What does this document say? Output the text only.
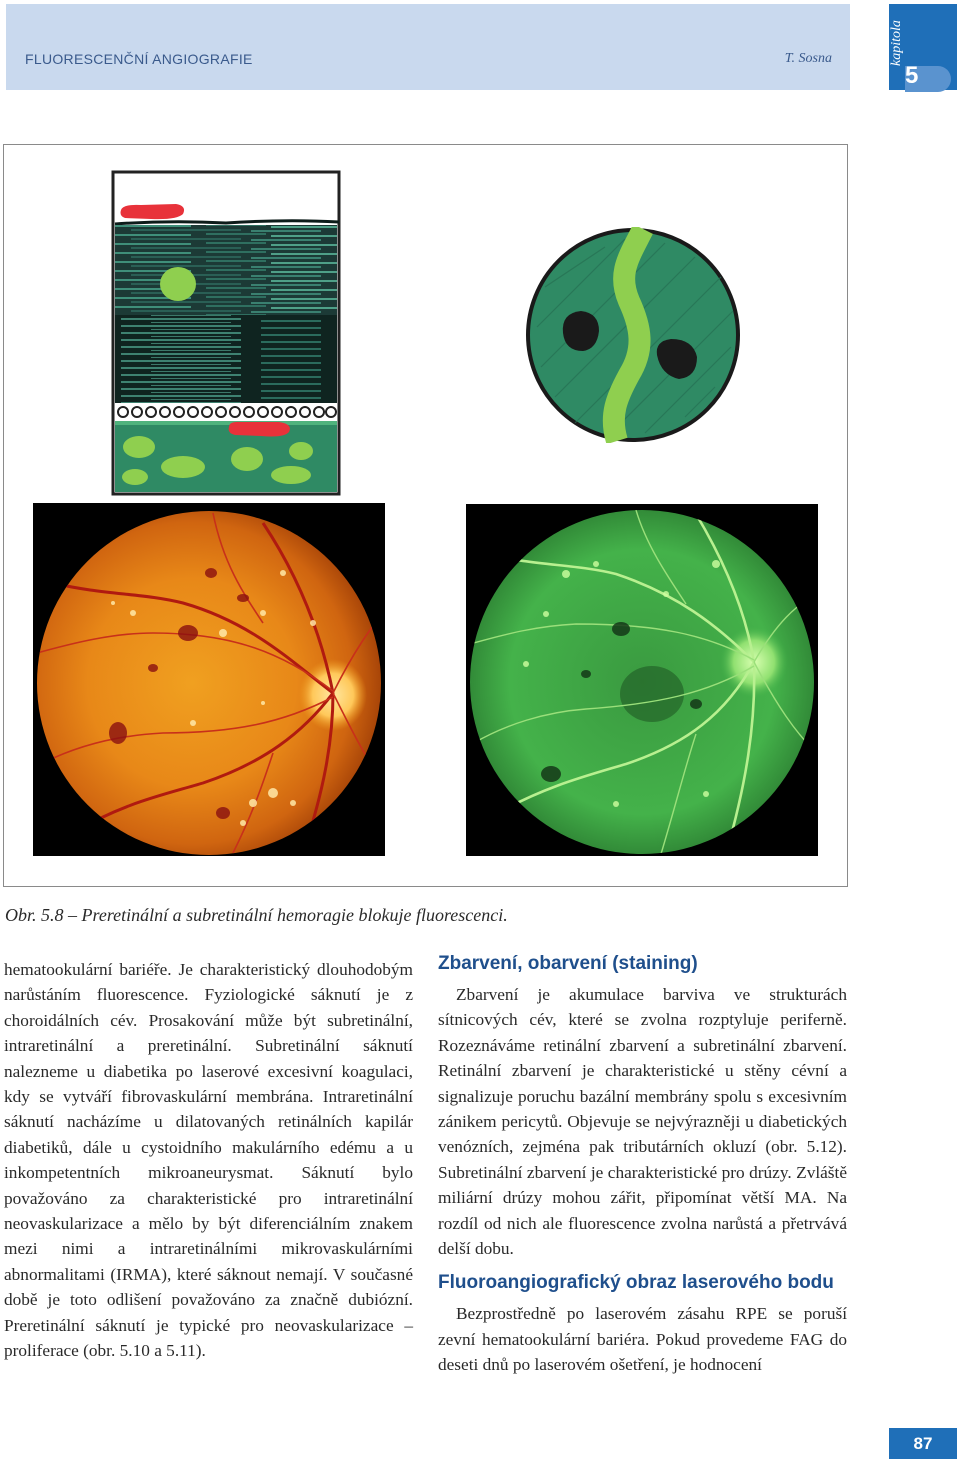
FLUORESCENČNÍ ANGIOGRAFIE	T. Sosna	kapitola
5
Obr. 5.8 – Preretinální a subretinální hemoragie blokuje fluorescenci.

hematookulární bariéře. Je charakteristický dlouhodobým narůstáním fluorescence. Fyziologické sáknutí je z choroidálních cév. Prosakování může být subretinální, intraretinální a preretinální. Subretinální sáknutí nalezneme u diabetika po laserové excesivní koagulaci, kdy se vytváří fibrovaskulární membrána. Intraretinální sáknutí nacházíme u dilatovaných retinálních kapilár diabetiků, dále u cystoidního makulárního edému a u inkompetentních mikroaneurysmat. Sáknutí bylo považováno za charakteristické pro intraretinální neovaskularizace a mělo by být diferenciálním znakem mezi nimi a intraretinálními mikrovaskulárními abnormalitami (IRMA), které sáknout nemají. V současné době je toto odlišení považováno za značně dubiózní. Preretinální sáknutí je typické pro neovaskularizace – proliferace (obr. 5.10 a 5.11).

Zbarvení, obarvení (staining)

Zbarvení je akumulace barviva ve strukturách sítnicových cév, které se zvolna rozptyluje periferně. Rozeznáváme retinální zbarvení a subretinální zbarvení. Retinální zbarvení je charakteristické u stěny cévní a signalizuje poruchu bazální membrány spolu s excesivním zánikem pericytů. Objevuje se nejvýrazněji u diabetických venózních, zejména pak tributárních okluzí (obr. 5.12). Subretinální zbarvení je charakteristické pro drúzy. Zvláště miliární drúzy mohou zářit, připomínat větší MA. Na rozdíl od nich ale fluorescence zvolna narůstá a přetrvává delší dobu.

Fluoroangiografický obraz laserového bodu

Bezprostředně po laserovém zásahu RPE se poruší zevní hematookulární bariéra. Pokud provedeme FAG do deseti dnů po laserovém ošetření, je hodnocení

87
